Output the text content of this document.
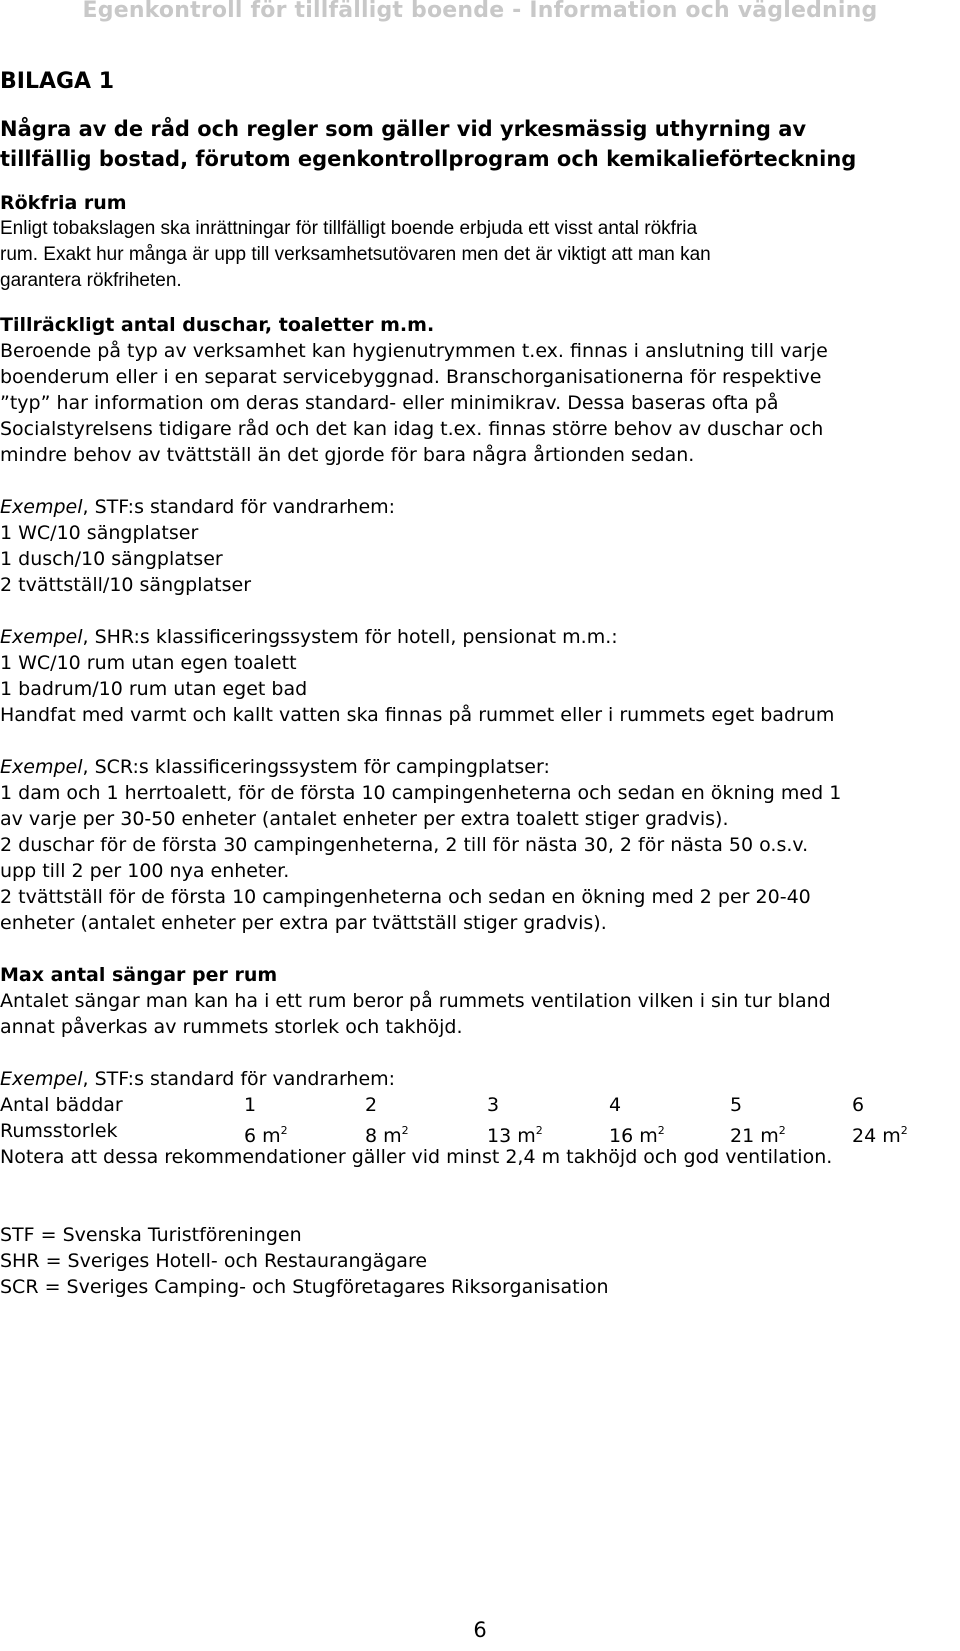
Egenkontroll för tillfälligt boende - Information och vägledning

BILAGA 1

Några av de råd och regler som gäller vid yrkesmässig uthyrning av

tillfällig bostad, förutom egenkontrollprogram och kemikalieförteckning

Rökfria rum

Enligt tobakslagen ska inrättningar för tillfälligt boende erbjuda ett visst antal rökfria

rum. Exakt hur många är upp till verksamhetsutövaren men det är viktigt att man kan

garantera rökfriheten.

Tillräckligt antal duschar, toaletter m.m.

Beroende på typ av verksamhet kan hygienutrymmen t.ex. finnas i anslutning till varje

boenderum eller i en separat servicebyggnad. Branschorganisationerna för respektive

”typ” har information om deras standard- eller minimikrav. Dessa baseras ofta på

Socialstyrelsens tidigare råd och det kan idag t.ex. finnas större behov av duschar och

mindre behov av tvättställ än det gjorde för bara några årtionden sedan.

Exempel, STF:s standard för vandrarhem:

1 WC/10 sängplatser

1 dusch/10 sängplatser

2 tvättställ/10 sängplatser

Exempel, SHR:s klassificeringssystem för hotell, pensionat m.m.:

1 WC/10 rum utan egen toalett

1 badrum/10 rum utan eget bad

Handfat med varmt och kallt vatten ska finnas på rummet eller i rummets eget badrum

Exempel, SCR:s klassificeringssystem för campingplatser:

1 dam och 1 herrtoalett, för de första 10 campingenheterna och sedan en ökning med 1

av varje per 30-50 enheter (antalet enheter per extra toalett stiger gradvis).

2 duschar för de första 30 campingenheterna, 2 till för nästa 30, 2 för nästa 50 o.s.v.

upp till 2 per 100 nya enheter.

2 tvättställ för de första 10 campingenheterna och sedan en ökning med 2 per 20-40

enheter (antalet enheter per extra par tvättställ stiger gradvis).

Max antal sängar per rum

Antalet sängar man kan ha i ett rum beror på rummets ventilation vilken i sin tur bland

annat påverkas av rummets storlek och takhöjd.

Exempel, STF:s standard för vandrarhem:

Antal bäddar	1	2	3	4	5	6
Rumsstorlek	6 $m^2$	8 $m^2$	13 $m^2$	16 $m^2$	21 $m^2$	24 $m^2$

Notera att dessa rekommendationer gäller vid minst 2,4 m takhöjd och god ventilation.

STF = Svenska Turistföreningen

SHR = Sveriges Hotell- och Restaurangägare

SCR = Sveriges Camping- och Stugföretagares Riksorganisation

6
